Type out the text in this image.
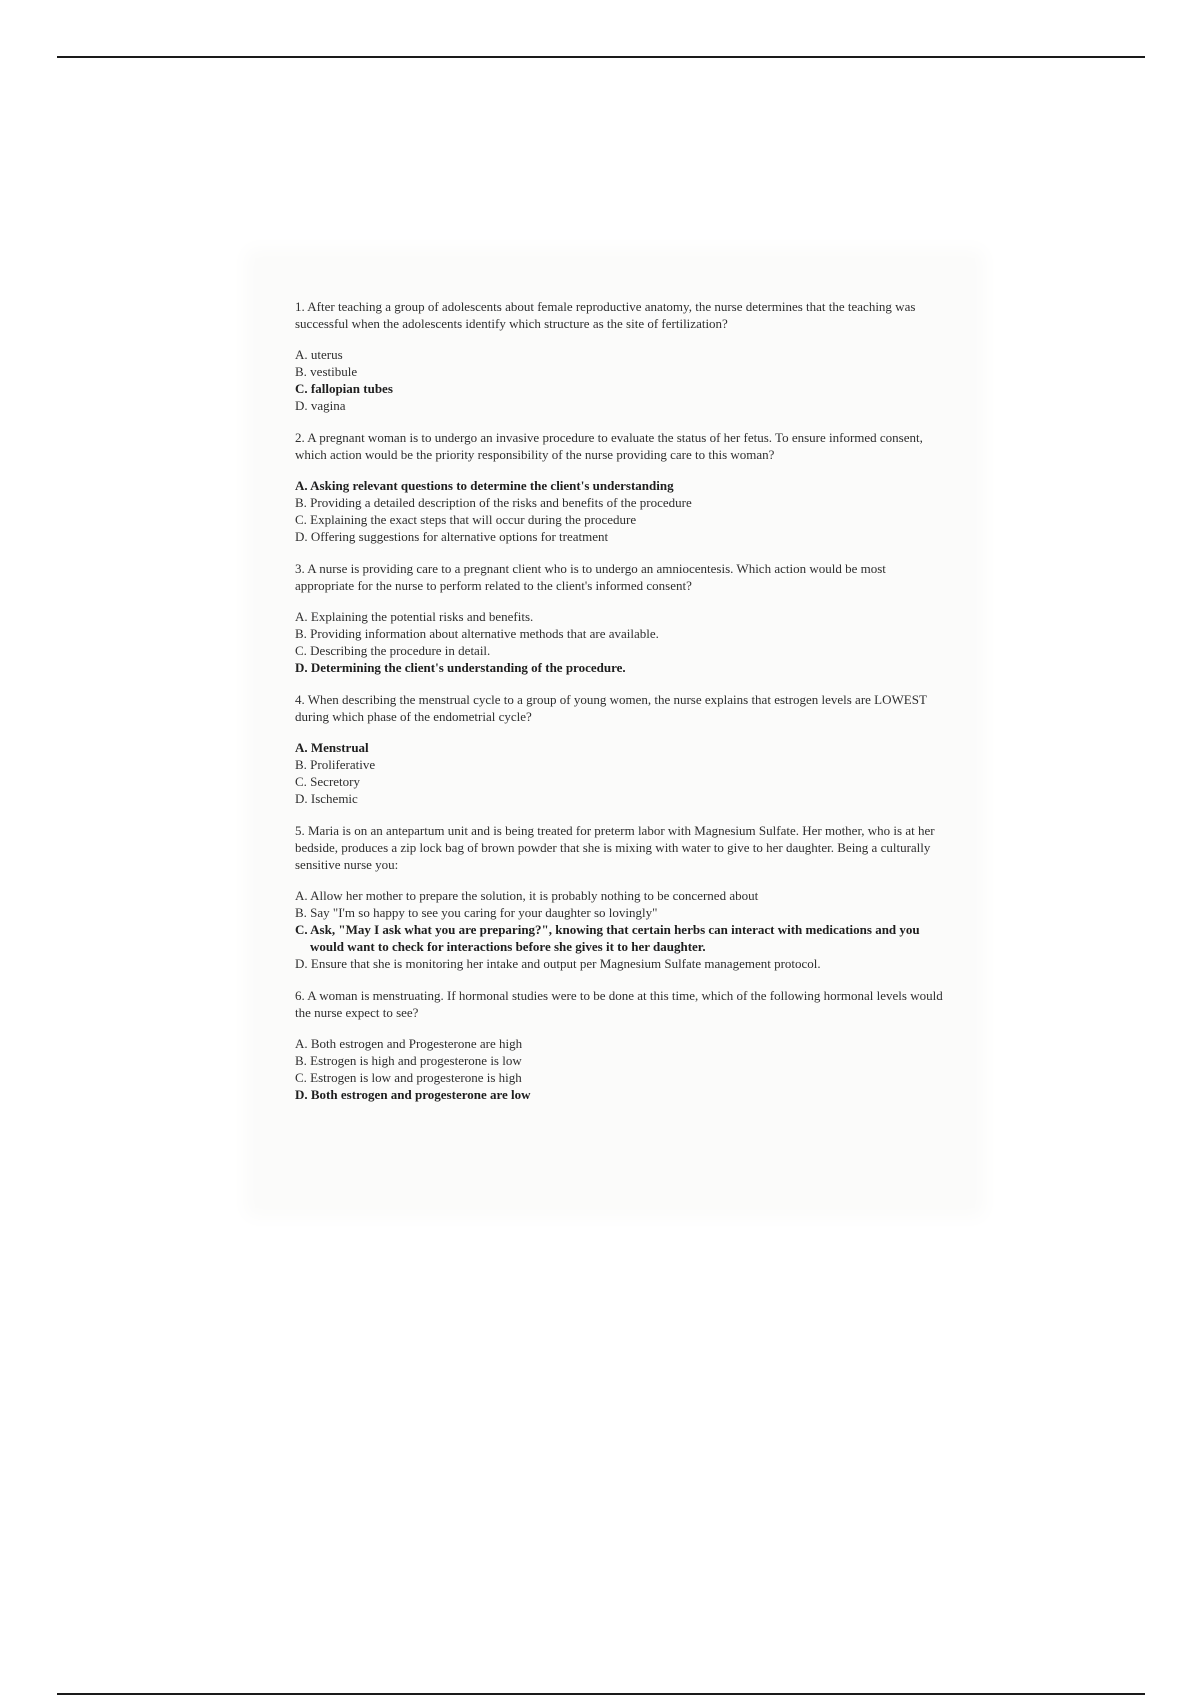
1. After teaching a group of adolescents about female reproductive anatomy, the nurse determines that the teaching was successful when the adolescents identify which structure as the site of fertilization?

A. uterus
B. vestibule
C. fallopian tubes
D. vagina

2. A pregnant woman is to undergo an invasive procedure to evaluate the status of her fetus. To ensure informed consent, which action would be the priority responsibility of the nurse providing care to this woman?

A. Asking relevant questions to determine the client's understanding
B. Providing a detailed description of the risks and benefits of the procedure
C. Explaining the exact steps that will occur during the procedure
D. Offering suggestions for alternative options for treatment

3. A nurse is providing care to a pregnant client who is to undergo an amniocentesis. Which action would be most appropriate for the nurse to perform related to the client's informed consent?

A. Explaining the potential risks and benefits.
B. Providing information about alternative methods that are available.
C. Describing the procedure in detail.
D. Determining the client's understanding of the procedure.

4. When describing the menstrual cycle to a group of young women, the nurse explains that estrogen levels are LOWEST during which phase of the endometrial cycle?

A. Menstrual
B. Proliferative
C. Secretory
D. Ischemic

5. Maria is on an antepartum unit and is being treated for preterm labor with Magnesium Sulfate. Her mother, who is at her bedside, produces a zip lock bag of brown powder that she is mixing with water to give to her daughter. Being a culturally sensitive nurse you:

A. Allow her mother to prepare the solution, it is probably nothing to be concerned about
B. Say "I'm so happy to see you caring for your daughter so lovingly"
C. Ask, "May I ask what you are preparing?", knowing that certain herbs can interact with medications and you
would want to check for interactions before she gives it to her daughter.
D. Ensure that she is monitoring her intake and output per Magnesium Sulfate management protocol.

6. A woman is menstruating. If hormonal studies were to be done at this time, which of the following hormonal levels would the nurse expect to see?

A. Both estrogen and Progesterone are high
B. Estrogen is high and progesterone is low
C. Estrogen is low and progesterone is high
D. Both estrogen and progesterone are low
